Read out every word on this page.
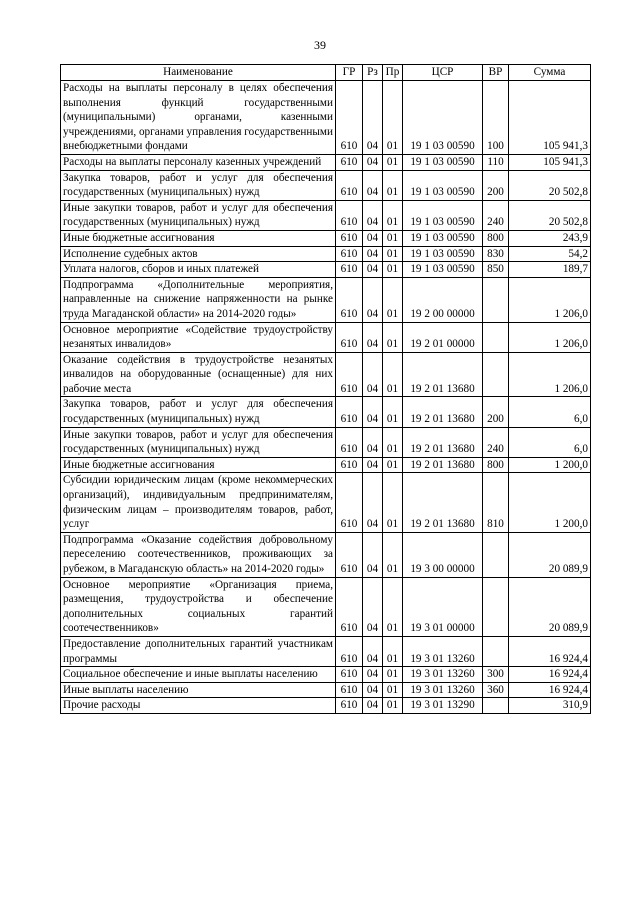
39
Наименование	ГР	Рз	Пр	ЦСР	ВР	Сумма
Расходы на выплаты персоналу в целях обеспечения выполнения функций государственными (муниципальными) органами, казенными учреждениями, органами управления государственными внебюджетными фондами	610	04	01	19 1 03 00590	100	105 941,3
Расходы на выплаты персоналу казенных учреждений	610	04	01	19 1 03 00590	110	105 941,3
Закупка товаров, работ и услуг для обеспечения государственных (муниципальных) нужд	610	04	01	19 1 03 00590	200	20 502,8
Иные закупки товаров, работ и услуг для обеспечения государственных (муниципальных) нужд	610	04	01	19 1 03 00590	240	20 502,8
Иные бюджетные ассигнования	610	04	01	19 1 03 00590	800	243,9
Исполнение судебных актов	610	04	01	19 1 03 00590	830	54,2
Уплата налогов, сборов и иных платежей	610	04	01	19 1 03 00590	850	189,7
Подпрограмма «Дополнительные мероприятия, направленные на снижение напряженности на рынке труда Магаданской области» на 2014-2020 годы»	610	04	01	19 2 00 00000		1 206,0
Основное мероприятие «Содействие трудоустройству незанятых инвалидов»	610	04	01	19 2 01 00000		1 206,0
Оказание содействия в трудоустройстве незанятых инвалидов на оборудованные (оснащенные) для них рабочие места	610	04	01	19 2 01 13680		1 206,0
Закупка товаров, работ и услуг для обеспечения государственных (муниципальных) нужд	610	04	01	19 2 01 13680	200	6,0
Иные закупки товаров, работ и услуг для обеспечения государственных (муниципальных) нужд	610	04	01	19 2 01 13680	240	6,0
Иные бюджетные ассигнования	610	04	01	19 2 01 13680	800	1 200,0
Субсидии юридическим лицам (кроме некоммерческих организаций), индивидуальным предпринимателям, физическим лицам – производителям товаров, работ, услуг	610	04	01	19 2 01 13680	810	1 200,0
Подпрограмма «Оказание содействия добровольному переселению соотечественников, проживающих за рубежом, в Магаданскую область» на 2014-2020 годы»	610	04	01	19 3 00 00000		20 089,9
Основное мероприятие «Организация приема, размещения, трудоустройства и обеспечение дополнительных социальных гарантий соотечественников»	610	04	01	19 3 01 00000		20 089,9
Предоставление дополнительных гарантий участникам программы	610	04	01	19 3 01 13260		16 924,4
Социальное обеспечение и иные выплаты населению	610	04	01	19 3 01 13260	300	16 924,4
Иные выплаты населению	610	04	01	19 3 01 13260	360	16 924,4
Прочие расходы	610	04	01	19 3 01 13290		310,9
